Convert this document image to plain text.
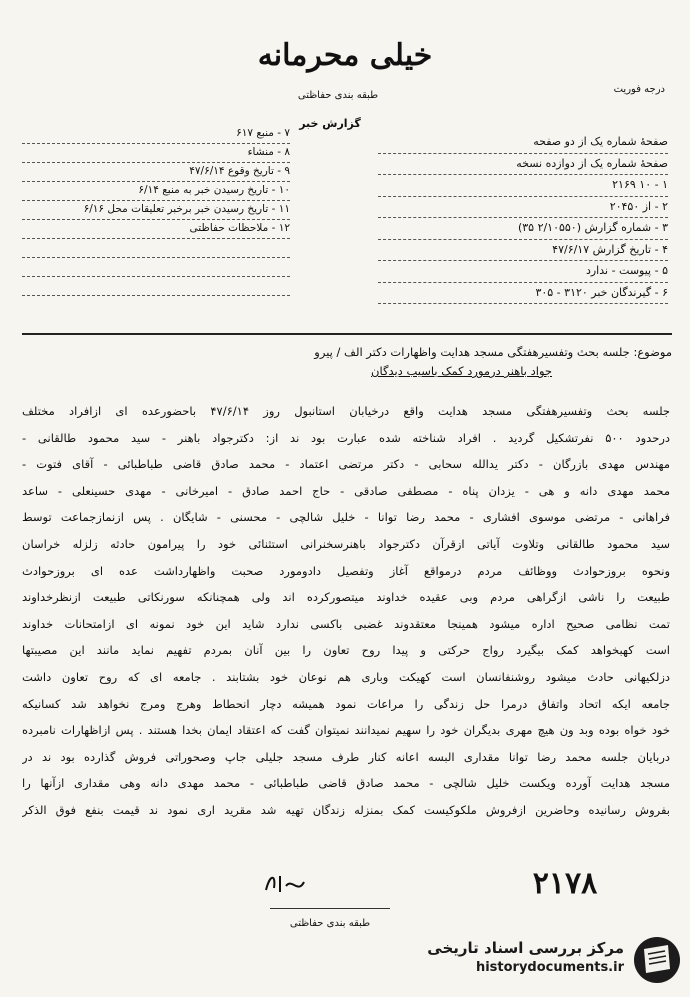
خیلی محرمانه
طبقه بندی حفاظتی
درجه فوریت
گزارش خبر
صفحهٔ شماره یک از دو صفحه
صفحهٔ شماره یک از دوازده نسخه
۱ - ۱۰ ۲۱۶۹
۲ - از ۲۰۴۵۰
۳ - شماره گزارش (۲/۱۰۵۵۰ ۳۵)
۴ - تاریخ گزارش ۴۷/۶/۱۷
۵ - پیوست - ندارد
۶ - گیرندگان خبر ۳۱۲۰ - ۳۰۵
۷ - منبع ۶۱۷
۸ - منشاء
۹ - تاریخ وقوع ۴۷/۶/۱۴
۱۰ - تاریخ رسیدن خبر به منبع ۶/۱۴
۱۱ - تاریخ رسیدن خبر برخبر تعلیقات محل ۶/۱۶
۱۲ - ملاحظات حفاظتی
موضوع: جلسه بحث وتفسیرهفتگی مسجد هدایت واظهارات دکتر الف / پیرو
جواد باهنر درمورد کمک باسیب دیدگان
جلسه بحث وتفسیرهفتگی مسجد هدایت واقع درخیابان استانبول روز ۴۷/۶/۱۴ باحضورعده ای ازافراد مختلف
درحدود ۵۰۰ نفرتشکیل گردید . افراد شناخته شده عبارت بود ند از: دکترجواد باهنر - سید محمود طالقانی -
مهندس مهدی بازرگان - دکتر یدالله سحابی - دکتر مرتضی اعتماد - محمد صادق قاضی طباطبائی - آقای فتوت -
محمد مهدی دانه و هی - یزدان پناه - مصطفی صادقی - حاج احمد صادق - امیرخانی - مهدی حسینعلی - ساعد
فراهانی - مرتضی موسوی افشاری - محمد رضا توانا - خلیل شالچی - محسنی - شایگان . پس ازنمازجماعت توسط
سید محمود طالقانی وتلاوت آیاتی ازقرآن دکترجواد باهنرسخنرانی استثنائی خود را پیرامون حادثه زلزله خراسان
ونحوه بروزحوادث ووظائف مردم درمواقع آغاز وتفصیل دادومورد صحبت واظهارداشت عده ای بروزحوادث
طبیعت را ناشی ازگراهی مردم وبی عقیده خداوند میتصورکرده اند ولی همچنانکه سورنکاتی طبیعت ازنظرخداوند
تمت نظامی صحیح اداره میشود همینجا معتقدوند غضبی باکسی ندارد شاید این خود نمونه ای ازامتحانات خداوند
است کهبخواهد کمک بیگیرد رواج حرکتی و پیدا روح تعاون را بین آنان بمردم تفهیم نماید مانند این مصیبتها
دزلکیهانی حادث میشود روشنفانسان است کهیکت وباری هم نوعان خود بشتابند . جامعه ای که روح تعاون داشت
جامعه ایکه اتحاد واتفاق درمرا حل زندگی را مراعات نمود همیشه دچار انحطاط وهرج ومرج نخواهد شد کسانیکه
خود خواه بوده وبد ون هیچ مهری بدیگران خود را سهیم نمیدانند نمیتوان گفت که اعتقاد ایمان بخدا هستند . پس ازاظهارات نامبرده
دربایان جلسه محمد رضا توانا مقداری البسه اعانه کنار طرف مسجد جلیلی جاپ وصحوراتی فروش گذارده بود ند در
مسجد هدایت آورده ویکست خلیل شالچی - محمد صادق قاضی طباطبائی - محمد مهدی دانه وهی مقداری ازآنها را
بفروش رسانیده وحاضرین ازفروش ملکوکیست کمک بمنزله زندگان تهیه شد مقرید اری نمود ند قیمت بنفع فوق الذکر
۲۱۷۸
طبقه بندی حفاظتی
مرکز بررسی اسناد تاریخی
historydocuments.ir
